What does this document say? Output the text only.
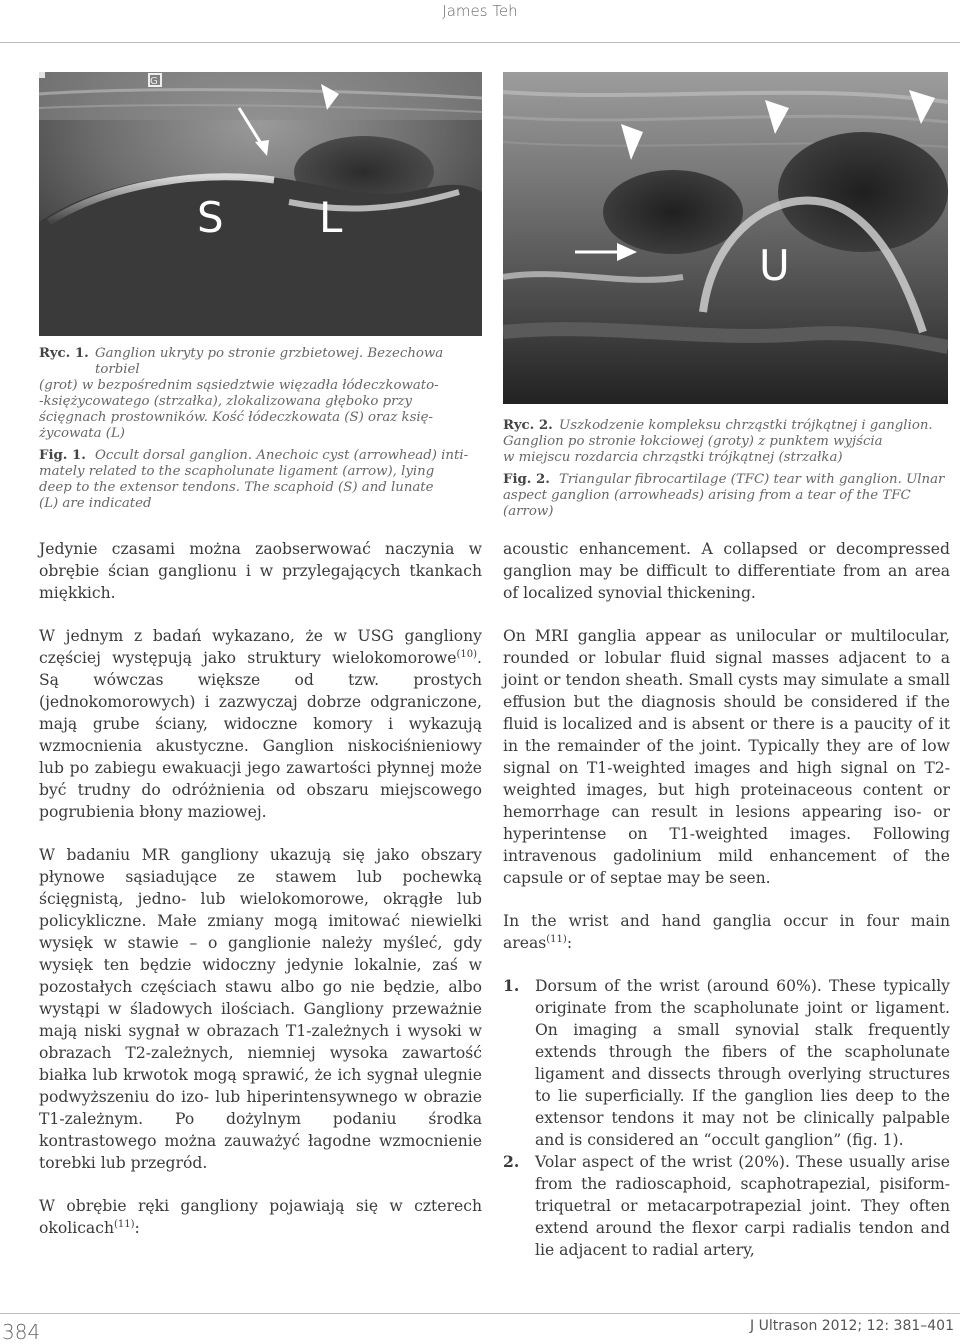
James Teh
G
S L
U
Ryc. 1. Ganglion ukryty po stronie grzbietowej. Bezechowa torbiel
(grot) w bezpośrednim sąsiedztwie więzadła łódeczkowato-
-księżycowatego (strzałka), zlokalizowana głęboko przy
ścięgnach prostowników. Kość łódeczkowata (S) oraz księ-
życowata (L)
Fig. 1. Occult dorsal ganglion. Anechoic cyst (arrowhead) inti-
mately related to the scapholunate ligament (arrow), lying
deep to the extensor tendons. The scaphoid (S) and lunate
(L) are indicated
Ryc. 2. Uszkodzenie kompleksu chrząstki trójkątnej i ganglion.
Ganglion po stronie łokciowej (groty) z punktem wyjścia
w miejscu rozdarcia chrząstki trójkątnej (strzałka)
Fig. 2. Triangular fibrocartilage (TFC) tear with ganglion. Ulnar
aspect ganglion (arrowheads) arising from a tear of the TFC
(arrow)

Jedynie czasami można zaobserwować naczynia w obrębie ścian ganglionu i w przylegających tkankach miękkich.

W jednym z badań wykazano, że w USG gangliony częściej występują jako struktury wielokomorowe$^{(10)}$. Są wówczas większe od tzw. prostych (jednokomorowych) i zazwyczaj dobrze odgraniczone, mają grube ściany, widoczne komory i wykazują wzmocnienia akustyczne. Ganglion niskociśnieniowy lub po zabiegu ewakuacji jego zawartości płynnej może być trudny do odróżnienia od obszaru miejscowego pogrubienia błony maziowej.

W badaniu MR gangliony ukazują się jako obszary płynowe sąsiadujące ze stawem lub pochewką ścięgnistą, jedno- lub wielokomorowe, okrągłe lub policykliczne. Małe zmiany mogą imitować niewielki wysięk w stawie – o ganglionie należy myśleć, gdy wysięk ten będzie widoczny jedynie lokalnie, zaś w pozostałych częściach stawu albo go nie będzie, albo wystąpi w śladowych ilościach. Gangliony przeważnie mają niski sygnał w obrazach T1-zależnych i wysoki w obrazach T2-zależnych, niemniej wysoka zawartość białka lub krwotok mogą sprawić, że ich sygnał ulegnie podwyższeniu do izo- lub hiperintensywnego w obrazie T1-zależnym. Po dożylnym podaniu środka kontrastowego można zauważyć łagodne wzmocnienie torebki lub przegród.

W obrębie ręki gangliony pojawiają się w czterech okolicach$^{(11)}$:

acoustic enhancement. A collapsed or decompressed ganglion may be difficult to differentiate from an area of localized synovial thickening.

On MRI ganglia appear as unilocular or multilocular, rounded or lobular fluid signal masses adjacent to a joint or tendon sheath. Small cysts may simulate a small effusion but the diagnosis should be considered if the fluid is localized and is absent or there is a paucity of it in the remainder of the joint. Typically they are of low signal on T1-weighted images and high signal on T2-weighted images, but high proteinaceous content or hemorrhage can result in lesions appearing iso- or hyperintense on T1-weighted images. Following intravenous gadolinium mild enhancement of the capsule or of septae may be seen.

In the wrist and hand ganglia occur in four main areas$^{(11)}$:

1. Dorsum of the wrist (around 60%). These typically originate from the scapholunate joint or ligament. On imaging a small synovial stalk frequently extends through the fibers of the scapholunate ligament and dissects through overlying structures to lie superficially. If the ganglion lies deep to the extensor tendons it may not be clinically palpable and is considered an “occult ganglion” (fig. 1).
2. Volar aspect of the wrist (20%). These usually arise from the radioscaphoid, scaphotrapezial, pisiform-triquetral or metacarpotrapezial joint. They often extend around the flexor carpi radialis tendon and lie adjacent to radial artery,
384	J Ultrason 2012; 12: 381–401
